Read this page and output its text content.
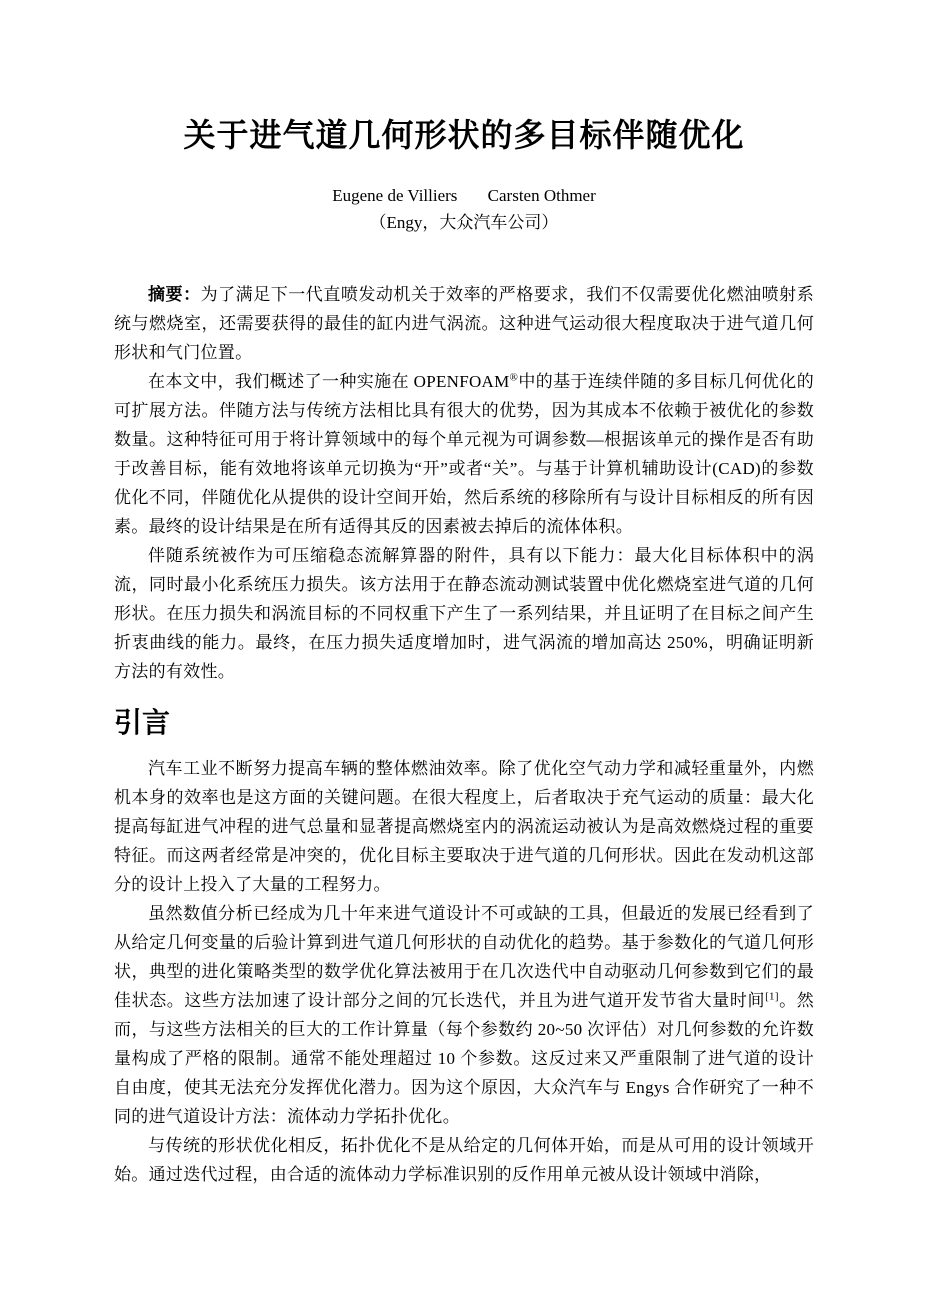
关于进气道几何形状的多目标伴随优化
Eugene de Villiers Carsten Othmer
（Engy，大众汽车公司）

摘要：为了满足下一代直喷发动机关于效率的严格要求，我们不仅需要优化燃油喷射系统与燃烧室，还需要获得的最佳的缸内进气涡流。这种进气运动很大程度取决于进气道几何形状和气门位置。

在本文中，我们概述了一种实施在 OPENFOAM®中的基于连续伴随的多目标几何优化的可扩展方法。伴随方法与传统方法相比具有很大的优势，因为其成本不依赖于被优化的参数数量。这种特征可用于将计算领域中的每个单元视为可调参数—根据该单元的操作是否有助于改善目标，能有效地将该单元切换为“开”或者“关”。与基于计算机辅助设计(CAD)的参数优化不同，伴随优化从提供的设计空间开始，然后系统的移除所有与设计目标相反的所有因素。最终的设计结果是在所有适得其反的因素被去掉后的流体体积。

伴随系统被作为可压缩稳态流解算器的附件，具有以下能力：最大化目标体积中的涡流，同时最小化系统压力损失。该方法用于在静态流动测试装置中优化燃烧室进气道的几何形状。在压力损失和涡流目标的不同权重下产生了一系列结果，并且证明了在目标之间产生折衷曲线的能力。最终，在压力损失适度增加时，进气涡流的增加高达 250%，明确证明新方法的有效性。

引言

汽车工业不断努力提高车辆的整体燃油效率。除了优化空气动力学和减轻重量外，内燃机本身的效率也是这方面的关键问题。在很大程度上，后者取决于充气运动的质量：最大化提高每缸进气冲程的进气总量和显著提高燃烧室内的涡流运动被认为是高效燃烧过程的重要特征。而这两者经常是冲突的，优化目标主要取决于进气道的几何形状。因此在发动机这部分的设计上投入了大量的工程努力。

虽然数值分析已经成为几十年来进气道设计不可或缺的工具，但最近的发展已经看到了从给定几何变量的后验计算到进气道几何形状的自动优化的趋势。基于参数化的气道几何形状，典型的进化策略类型的数学优化算法被用于在几次迭代中自动驱动几何参数到它们的最佳状态。这些方法加速了设计部分之间的冗长迭代，并且为进气道开发节省大量时间[1]。然而，与这些方法相关的巨大的工作计算量（每个参数约 20~50 次评估）对几何参数的允许数量构成了严格的限制。通常不能处理超过 10 个参数。这反过来又严重限制了进气道的设计自由度，使其无法充分发挥优化潜力。因为这个原因，大众汽车与 Engys 合作研究了一种不同的进气道设计方法：流体动力学拓扑优化。

与传统的形状优化相反，拓扑优化不是从给定的几何体开始，而是从可用的设计领域开始。通过迭代过程，由合适的流体动力学标准识别的反作用单元被从设计领域中消除，
